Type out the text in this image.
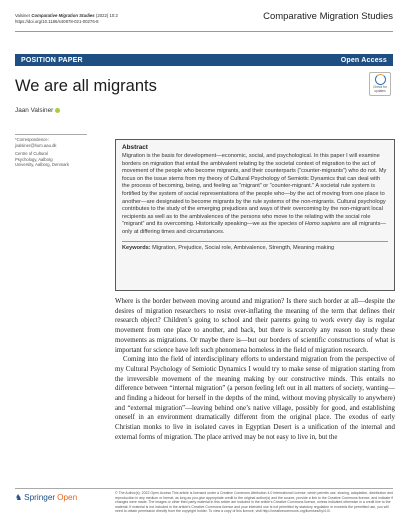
Valsiner Comparative Migration Studies (2022) 10:2
https://doi.org/10.1186/s40878-021-00276-8	Comparative Migration Studies
POSITION PAPER	Open Access
We are all migrants	Check for updates
Jaan Valsiner
*Correspondence:
jvalsiner@hum.aau.dk
Centre of Cultural
Psychology, Aalborg
University, Aalborg, Denmark
Abstract

Migration is the basis for development—economic, social, and psychological. In this paper I will examine borders on migration that entail the ambivalent relating by the societal context of migration to the act of movement of the people who become migrants, and their counterparts (“counter-migrants”) who do not. My focus on the issue stems from my theory of Cultural Psychology of Semiotic Dynamics that can deal with the process of becoming, being, and feeling as “migrant” or “counter-migrant.” A societal rule system is fortified by the system of social representations of the people who—by the act of moving from one place to another—are designated to become migrants by the rule systems of the non-migrants. Cultural psychology contributes to the study of the emerging prejudices and ways of their overcoming by the non-migrant local recipients as well as to the ambivalences of the persons who move to the relating with the social role “migrant” and its overcoming. Historically speaking—we as the species of Homo sapiens are all migrants—only at differing times and circumstances.

Keywords: Migration, Prejudice, Social role, Ambivalence, Strength, Meaning making

Where is the border between moving around and migration? Is there such border at all—despite the desires of migration researchers to resist over-inflating the meaning of the term that defines their research object? Children’s going to school and their parents going to work every day is regular movement from one place to another, and back, but there is scarcely any reason to study these movements as migrations. Or maybe there is—but our borders of scientific constructions of what is important for science have left such phenomena homeless in the field of migration research.

Coming into the field of interdisciplinary efforts to understand migration from the perspective of my Cultural Psychology of Semiotic Dynamics I would try to make sense of migration starting from the irreversible movement of the meaning making by our constructive minds. This entails no difference between “internal migration” (a person feeling left out in all matters of society, wanting—and finding a hideout for herself in the depths of the mind, without moving physically to anywhere) and “external migration”—leaving behind one’s native village, possibly for good, and establishing oneself in an environment dramatically different from the original place. The exodus of early Christian monks to live in isolated caves in Egyptian Desert is a unification of the internal and external forms of migration. The place arrived may be not easy to live in, but the

♞ Springer Open	© The Author(s). 2022 Open Access This article is licensed under a Creative Commons Attribution 4.0 International License, which permits use, sharing, adaptation, distribution and reproduction in any medium or format, as long as you give appropriate credit to the original author(s) and the source, provide a link to the Creative Commons licence, and indicate if changes were made. The images or other third party material in this article are included in the article’s Creative Commons licence, unless indicated otherwise in a credit line to the material. If material is not included in the article’s Creative Commons licence and your intended use is not permitted by statutory regulation or exceeds the permitted use, you will need to obtain permission directly from the copyright holder. To view a copy of this licence, visit http://creativecommons.org/licenses/by/4.0/.
